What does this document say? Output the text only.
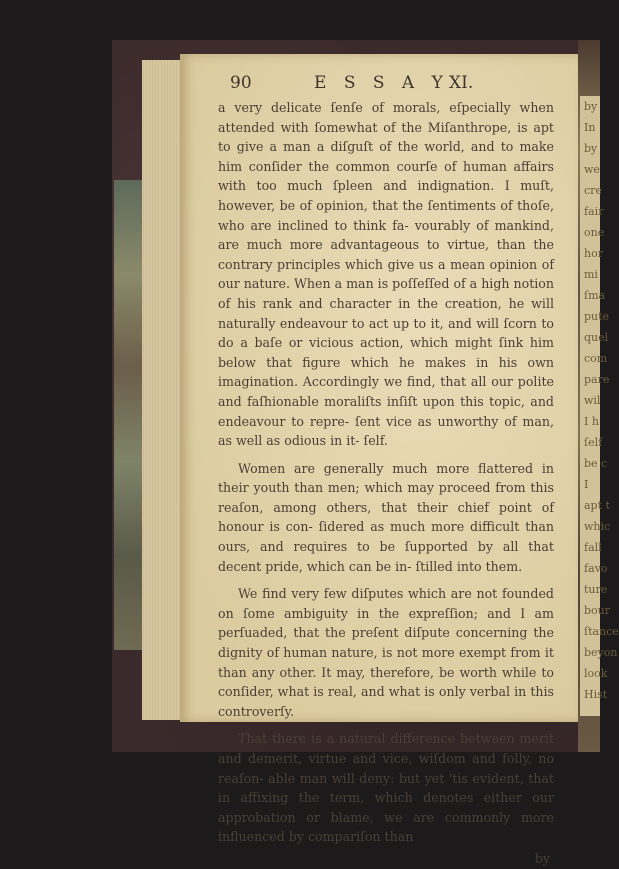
by
In
by
we
cre
fair
one
hor
mi
ſma
pute
quel
com
pare
wil
I h
ſelf
be c
I
apt t
whic
fall
favo
ture
bour
ſtance
beyon
look
Hist
90	E S S A Y XI.

a very delicate ſenſe of morals, eſpecially when attended with ſomewhat of the Miſanthrope, is apt to give a man a diſguſt of the world, and to make him conſider the common courſe of human affairs with too much ſpleen and indignation. I muſt, however, be of opinion, that the ſentiments of thoſe, who are inclined to think fa- vourably of mankind, are much more advantageous to virtue, than the contrary principles which give us a mean opinion of our nature. When a man is poſſeſſed of a high notion of his rank and character in the creation, he will naturally endeavour to act up to it, and will ſcorn to do a baſe or vicious action, which might ſink him below that figure which he makes in his own imagination. Accordingly we find, that all our polite and faſhionable moraliſts inſiſt upon this topic, and endeavour to repre- ſent vice as unworthy of man, as well as odious in it- ſelf.

Women are generally much more flattered in their youth than men; which may proceed from this reaſon, among others, that their chief point of honour is con- ſidered as much more difficult than ours, and requires to be ſupported by all that decent pride, which can be in- ſtilled into them.

We find very few diſputes which are not founded on ſome ambiguity in the expreſſion; and I am perſuaded, that the preſent diſpute concerning the dignity of human nature, is not more exempt from it than any other. It may, therefore, be worth while to conſider, what is real, and what is only verbal in this controverſy.

That there is a natural difference between merit and demerit, virtue and vice, wiſdom and folly, no reaſon- able man will deny: but yet 'tis evident, that in affixing the term, which denotes either our approbation or blame, we are commonly more influenced by compariſon than

by
